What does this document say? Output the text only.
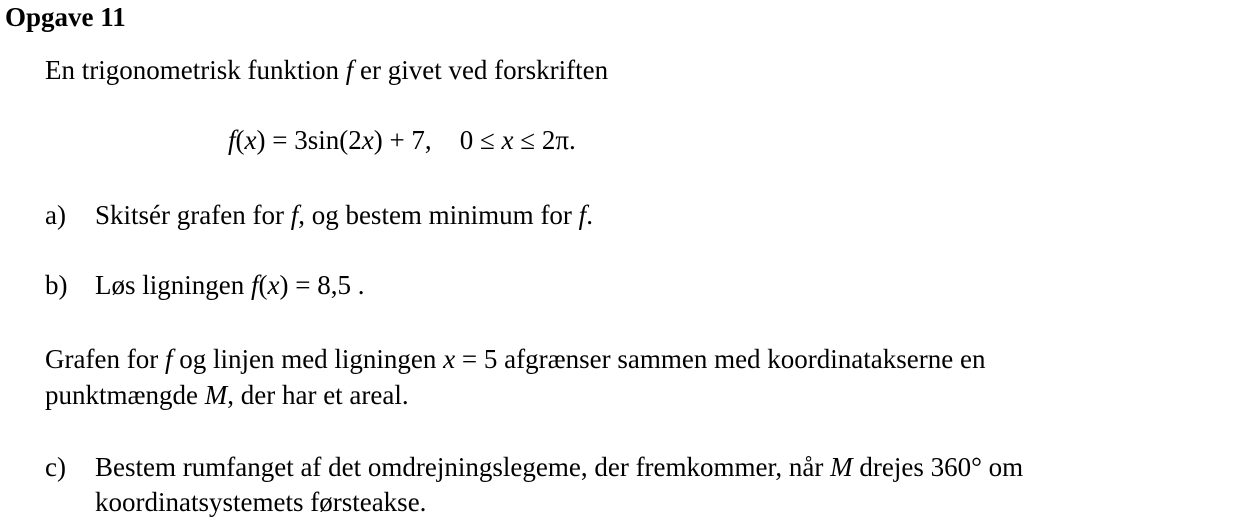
Opgave 11
En trigonometrisk funktion f er givet ved forskriften
f(x) = 3sin(2x) + 7, 0 ≤ x ≤ 2π.
a) Skitsér grafen for f, og bestem minimum for f.
b) Løs ligningen f(x) = 8,5 .
Grafen for f og linjen med ligningen x = 5 afgrænser sammen med koordinatakserne en
punktmængde M, der har et areal.
c) Bestem rumfanget af det omdrejningslegeme, der fremkommer, når M drejes 360° om
koordinatsystemets førsteakse.
